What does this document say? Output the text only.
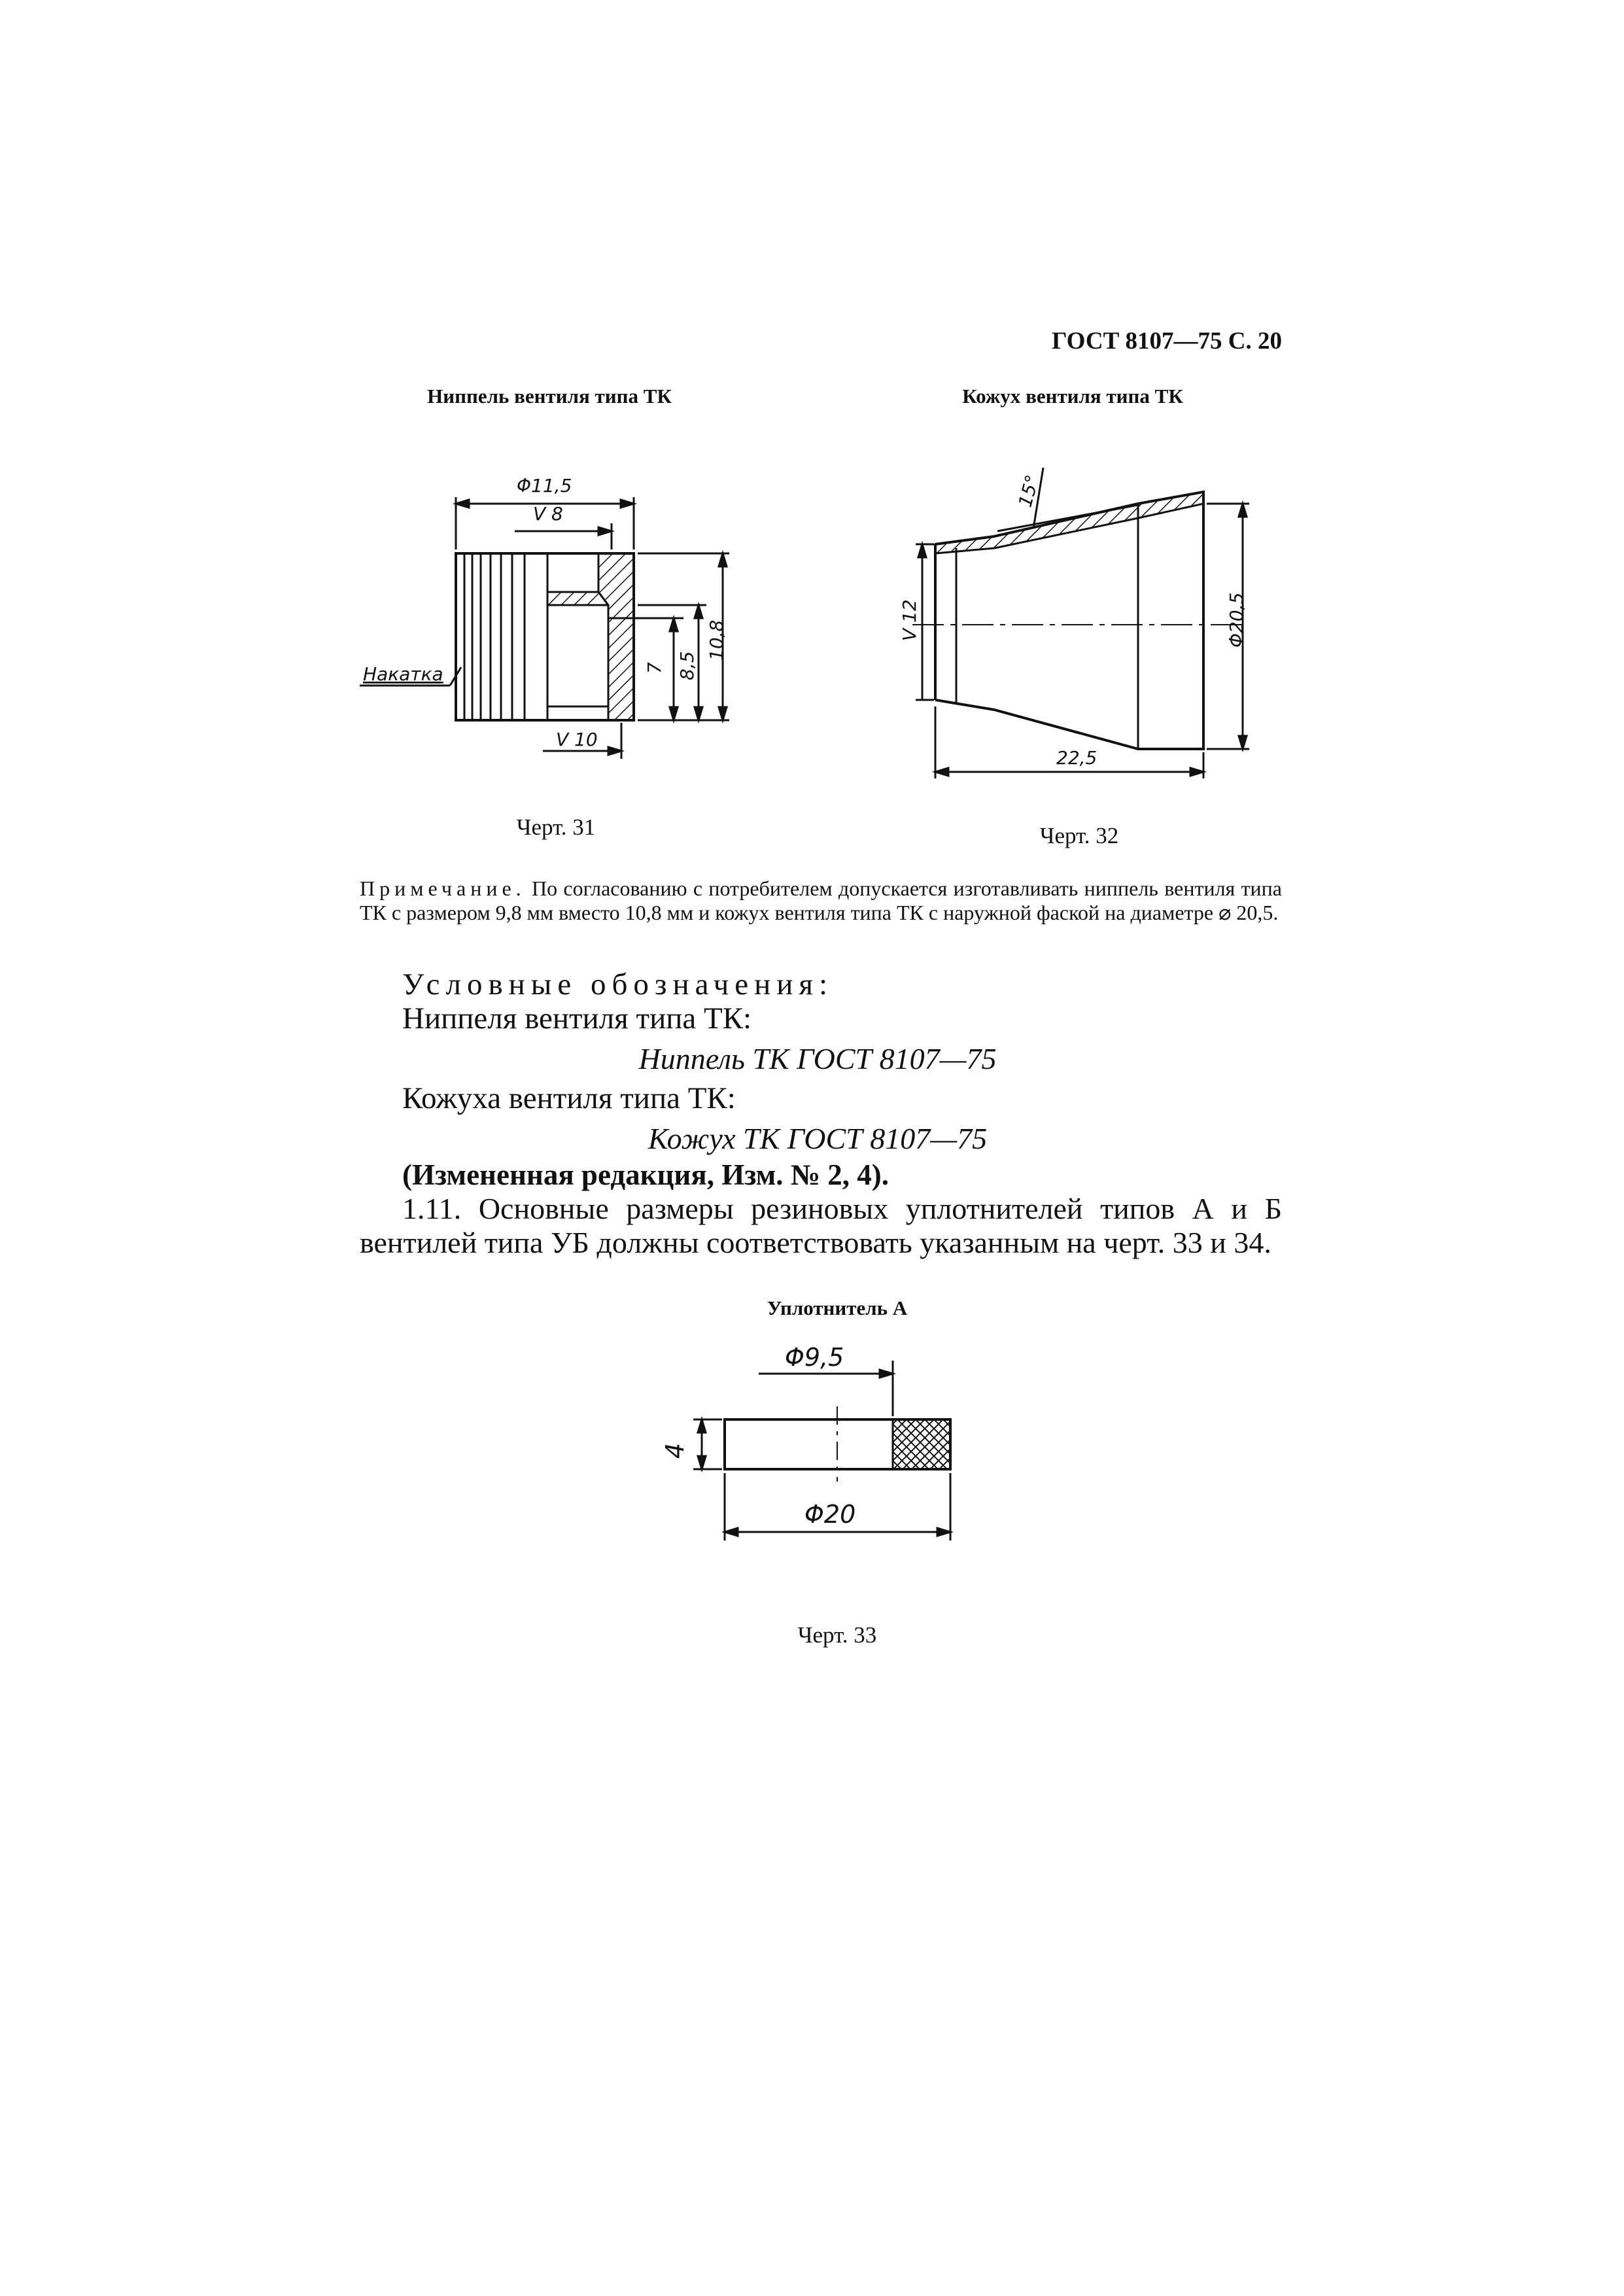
ГОСТ 8107—75 С. 20
Ниппель вентиля типа ТК	Кожух вентиля типа ТК
Φ11,5
V 8
V 10
7 8,5
10,8
Накатка
15°
V 12	Φ20,5
22,5
Φ9,5
Φ20
4
Черт. 31	Черт. 32
Примечание. По согласованию с потребителем допускается изготавливать ниппель вентиля типа ТК с размером 9,8 мм вместо 10,8 мм и кожух вентиля типа ТК с наружной фаской на диаметре ⌀ 20,5.
Условные обозначения:
Ниппеля вентиля типа ТК:
Ниппель ТК ГОСТ 8107—75
Кожуха вентиля типа ТК:
Кожух ТК ГОСТ 8107—75
(Измененная редакция, Изм. № 2, 4).
1.11. Основные размеры резиновых уплотнителей типов А и Б вентилей типа УБ должны соответствовать указанным на черт. 33 и 34.
Уплотнитель А
Черт. 33
